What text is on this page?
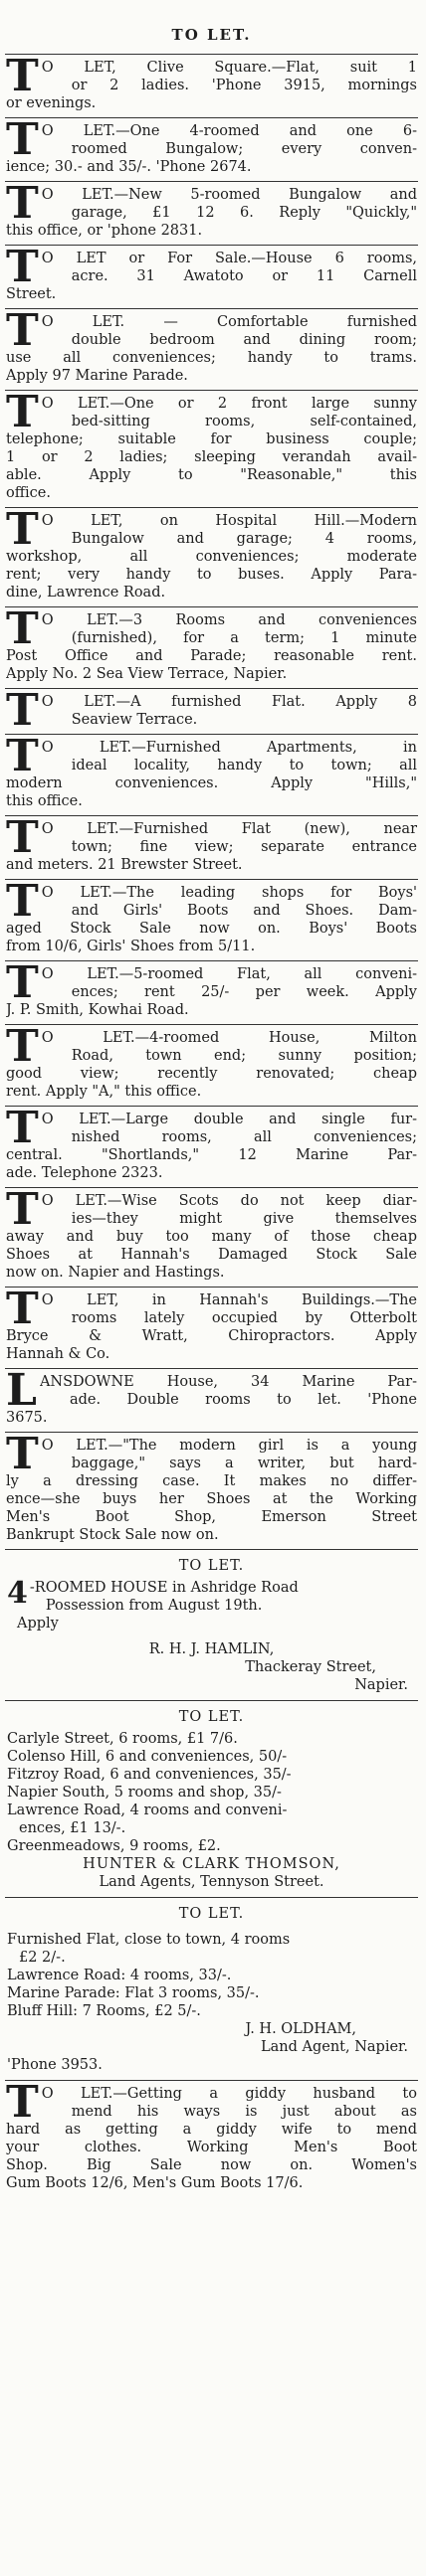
TO LET.
T O LET, Clive Square.—Flat, suit 1
or 2 ladies. 'Phone 3915, mornings
or evenings.
T O LET.—One 4-roomed and one 6-
roomed Bungalow; every conven-
ience; 30.- and 35/-. 'Phone 2674.
T O LET.—New 5-roomed Bungalow and
garage, £1 12 6. Reply "Quickly,"
this office, or 'phone 2831.
T O LET or For Sale.—House 6 rooms,
acre. 31 Awatoto or 11 Carnell
Street.
T O LET. — Comfortable furnished
double bedroom and dining room;
use all conveniences; handy to trams.
Apply 97 Marine Parade.
T O LET.—One or 2 front large sunny
bed-sitting rooms, self-contained,
telephone; suitable for business couple;
1 or 2 ladies; sleeping verandah avail-
able. Apply to "Reasonable," this
office.
T O LET, on Hospital Hill.—Modern
Bungalow and garage; 4 rooms,
workshop, all conveniences; moderate
rent; very handy to buses. Apply Para-
dine, Lawrence Road.
T O LET.—3 Rooms and conveniences
(furnished), for a term; 1 minute
Post Office and Parade; reasonable rent.
Apply No. 2 Sea View Terrace, Napier.
T O LET.—A furnished Flat. Apply 8
Seaview Terrace.
T O LET.—Furnished Apartments, in
ideal locality, handy to town; all
modern conveniences. Apply "Hills,"
this office.
T O LET.—Furnished Flat (new), near
town; fine view; separate entrance
and meters. 21 Brewster Street.
T O LET.—The leading shops for Boys'
and Girls' Boots and Shoes. Dam-
aged Stock Sale now on. Boys' Boots
from 10/6, Girls' Shoes from 5/11.
T O LET.—5-roomed Flat, all conveni-
ences; rent 25/- per week. Apply
J. P. Smith, Kowhai Road.
T O LET.—4-roomed House, Milton
Road, town end; sunny position;
good view; recently renovated; cheap
rent. Apply "A," this office.
T O LET.—Large double and single fur-
nished rooms, all conveniences;
central. "Shortlands," 12 Marine Par-
ade. Telephone 2323.
T O LET.—Wise Scots do not keep diar-
ies—they might give themselves
away and buy too many of those cheap
Shoes at Hannah's Damaged Stock Sale
now on. Napier and Hastings.
T O LET, in Hannah's Buildings.—The
rooms lately occupied by Otterbolt
Bryce & Wratt, Chiropractors. Apply
Hannah & Co.
L ANSDOWNE House, 34 Marine Par-
ade. Double rooms to let. 'Phone
3675.
T O LET.—"The modern girl is a young
baggage," says a writer, but hard-
ly a dressing case. It makes no differ-
ence—she buys her Shoes at the Working
Men's Boot Shop, Emerson Street
Bankrupt Stock Sale now on.
TO LET.
4 -ROOMED HOUSE in Ashridge Road
Possession from August 19th.
Apply
R. H. J. HAMLIN,
Thackeray Street,
Napier.
TO LET.
Carlyle Street, 6 rooms, £1 7/6.
Colenso Hill, 6 and conveniences, 50/-
Fitzroy Road, 6 and conveniences, 35/-
Napier South, 5 rooms and shop, 35/-
Lawrence Road, 4 rooms and conveni-
ences, £1 13/-.
Greenmeadows, 9 rooms, £2.
HUNTER & CLARK THOMSON,
Land Agents, Tennyson Street.
TO LET.
Furnished Flat, close to town, 4 rooms
£2 2/-.
Lawrence Road: 4 rooms, 33/-.
Marine Parade: Flat 3 rooms, 35/-.
Bluff Hill: 7 Rooms, £2 5/-.
J. H. OLDHAM,
Land Agent, Napier.
'Phone 3953.
T O LET.—Getting a giddy husband to
mend his ways is just about as
hard as getting a giddy wife to mend
your clothes. Working Men's Boot
Shop. Big Sale now on. Women's
Gum Boots 12/6, Men's Gum Boots 17/6.
